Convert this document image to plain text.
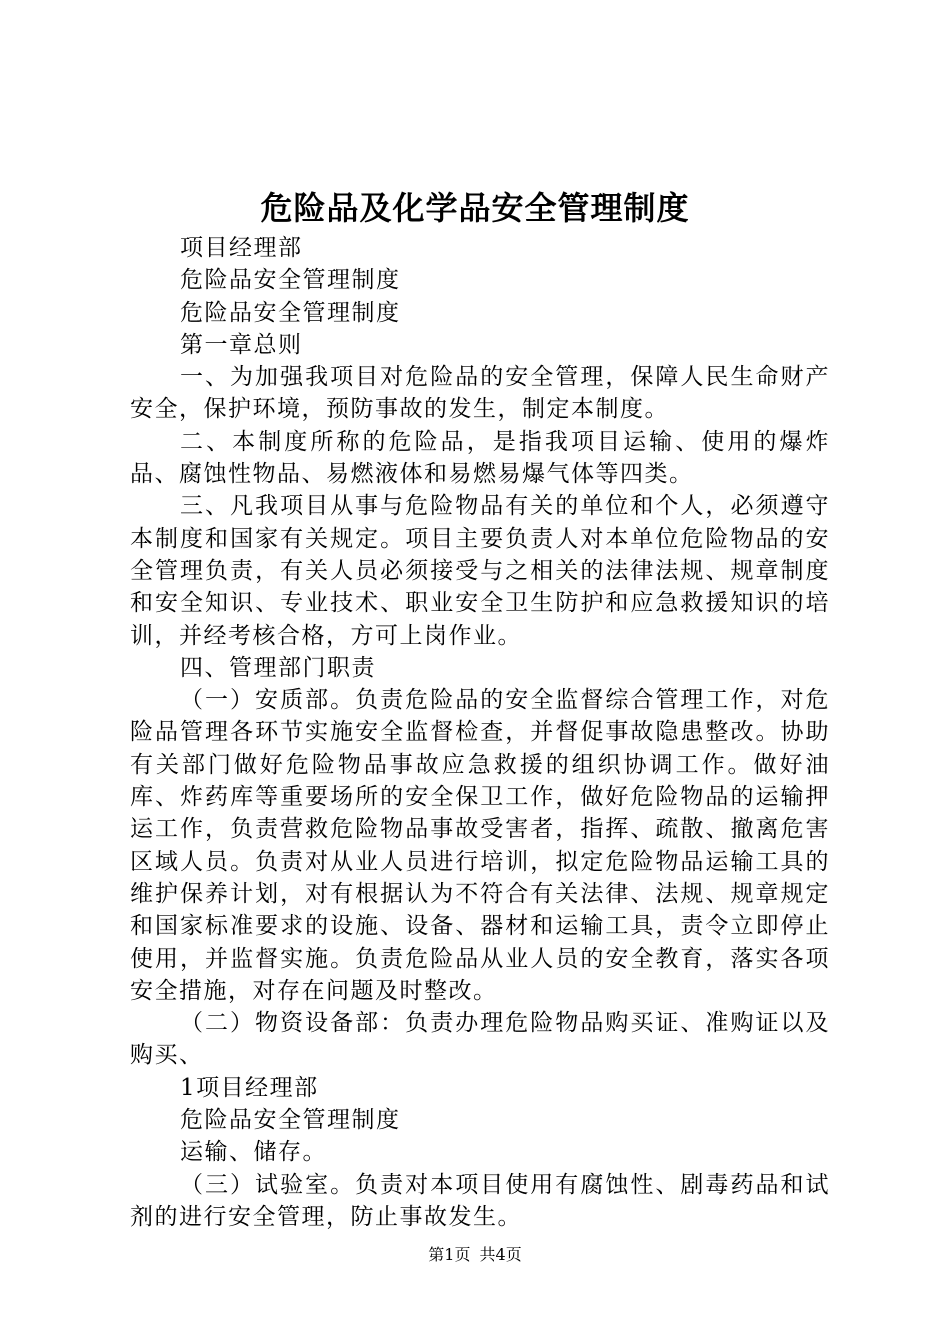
危险品及化学品安全管理制度

项目经理部

危险品安全管理制度

危险品安全管理制度

第一章总则

一、为加强我项目对危险品的安全管理，保障人民生命财产安全，保护环境，预防事故的发生，制定本制度。

二、本制度所称的危险品，是指我项目运输、使用的爆炸品、腐蚀性物品、易燃液体和易燃易爆气体等四类。

三、凡我项目从事与危险物品有关的单位和个人，必须遵守本制度和国家有关规定。项目主要负责人对本单位危险物品的安全管理负责，有关人员必须接受与之相关的法律法规、规章制度和安全知识、专业技术、职业安全卫生防护和应急救援知识的培训，并经考核合格，方可上岗作业。

四、管理部门职责

（一）安质部。负责危险品的安全监督综合管理工作，对危险品管理各环节实施安全监督检查，并督促事故隐患整改。协助有关部门做好危险物品事故应急救援的组织协调工作。做好油库、炸药库等重要场所的安全保卫工作，做好危险物品的运输押运工作，负责营救危险物品事故受害者，指挥、疏散、撤离危害区域人员。负责对从业人员进行培训，拟定危险物品运输工具的维护保养计划，对有根据认为不符合有关法律、法规、规章规定和国家标准要求的设施、设备、器材和运输工具，责令立即停止使用，并监督实施。负责危险品从业人员的安全教育，落实各项安全措施，对存在问题及时整改。

（二）物资设备部：负责办理危险物品购买证、准购证以及购买、

1项目经理部

危险品安全管理制度

运输、储存。

（三）试验室。负责对本项目使用有腐蚀性、剧毒药品和试剂的进行安全管理，防止事故发生。

第1页 共4页
